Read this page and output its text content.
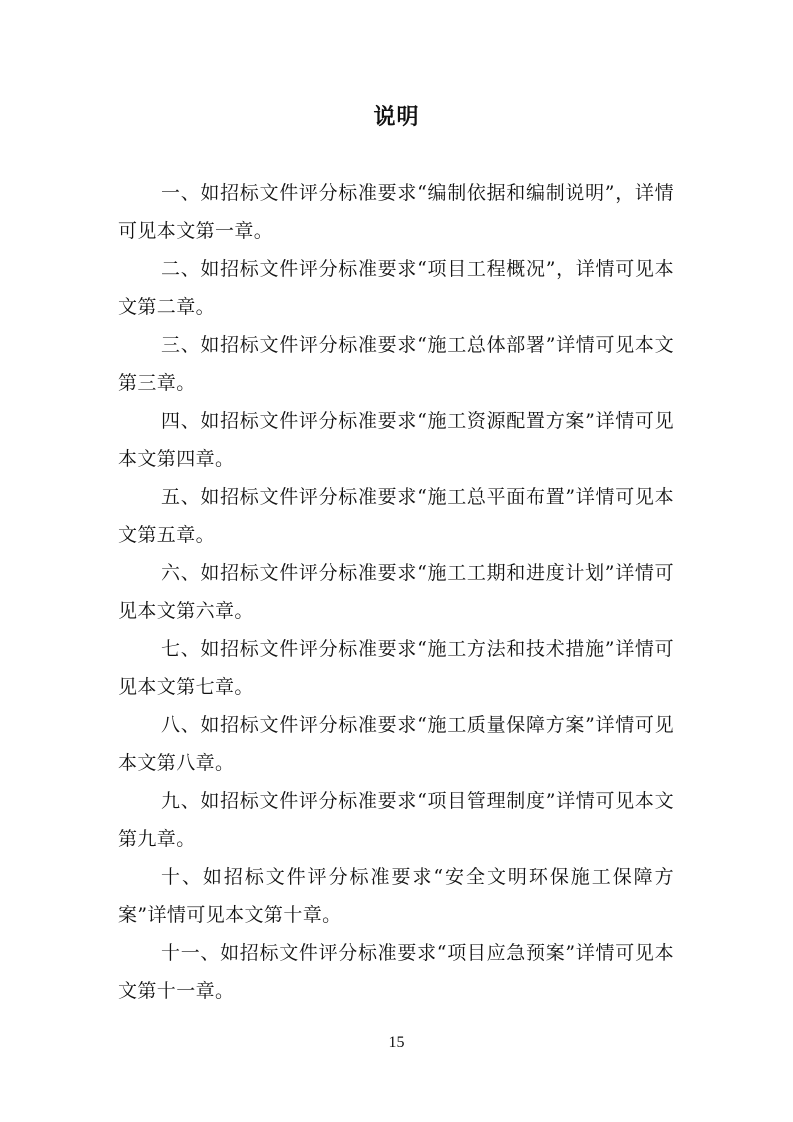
说明

一、如招标文件评分标准要求“编制依据和编制说明”，详情可见本文第一章。

二、如招标文件评分标准要求“项目工程概况”，详情可见本文第二章。

三、如招标文件评分标准要求“施工总体部署”详情可见本文第三章。

四、如招标文件评分标准要求“施工资源配置方案”详情可见本文第四章。

五、如招标文件评分标准要求“施工总平面布置”详情可见本文第五章。

六、如招标文件评分标准要求“施工工期和进度计划”详情可见本文第六章。

七、如招标文件评分标准要求“施工方法和技术措施”详情可见本文第七章。

八、如招标文件评分标准要求“施工质量保障方案”详情可见本文第八章。

九、如招标文件评分标准要求“项目管理制度”详情可见本文第九章。

十、如招标文件评分标准要求“安全文明环保施工保障方案”详情可见本文第十章。

十一、如招标文件评分标准要求“项目应急预案”详情可见本文第十一章。

15
